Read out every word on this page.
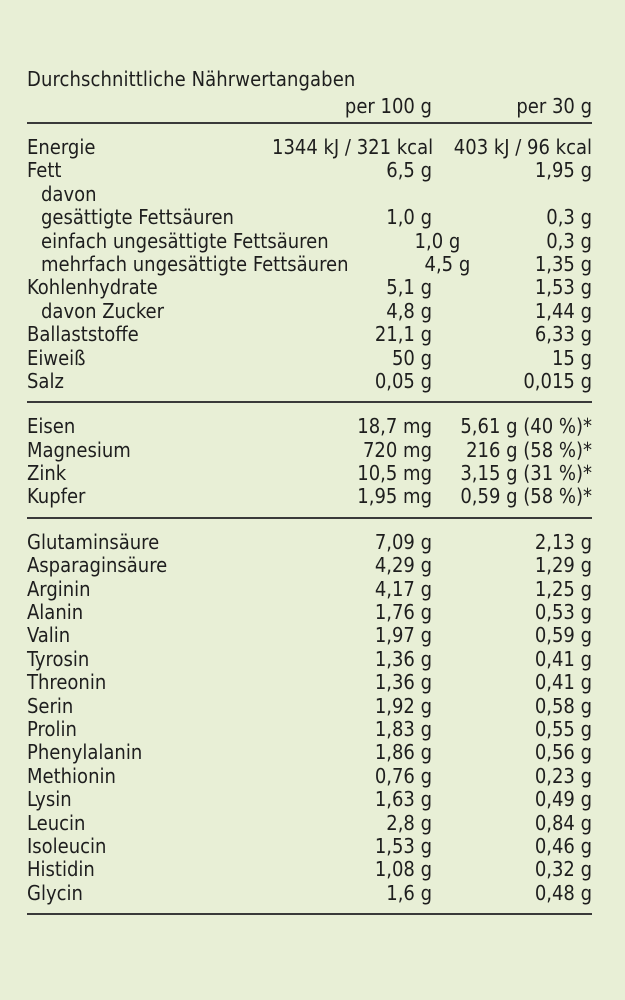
Durchschnittliche Nährwertangaben
per 100 g	per 30 g
Energie	1344 kJ / 321 kcal	403 kJ / 96 kcal
Fett	6,5 g	1,95 g
davon
gesättigte Fettsäuren	1,0 g	0,3 g
einfach ungesättigte Fettsäuren	1,0 g	0,3 g
mehrfach ungesättigte Fettsäuren	4,5 g	1,35 g
Kohlenhydrate	5,1 g	1,53 g
davon Zucker	4,8 g	1,44 g
Ballaststoffe	21,1 g	6,33 g
Eiweiß	50 g	15 g
Salz	0,05 g	0,015 g
Eisen	18,7 mg	5,61 g (40 %)*
Magnesium	720 mg	216 g (58 %)*
Zink	10,5 mg	3,15 g (31 %)*
Kupfer	1,95 mg	0,59 g (58 %)*
Glutaminsäure	7,09 g	2,13 g
Asparaginsäure	4,29 g	1,29 g
Arginin	4,17 g	1,25 g
Alanin	1,76 g	0,53 g
Valin	1,97 g	0,59 g
Tyrosin	1,36 g	0,41 g
Threonin	1,36 g	0,41 g
Serin	1,92 g	0,58 g
Prolin	1,83 g	0,55 g
Phenylalanin	1,86 g	0,56 g
Methionin	0,76 g	0,23 g
Lysin	1,63 g	0,49 g
Leucin	2,8 g	0,84 g
Isoleucin	1,53 g	0,46 g
Histidin	1,08 g	0,32 g
Glycin	1,6 g	0,48 g
